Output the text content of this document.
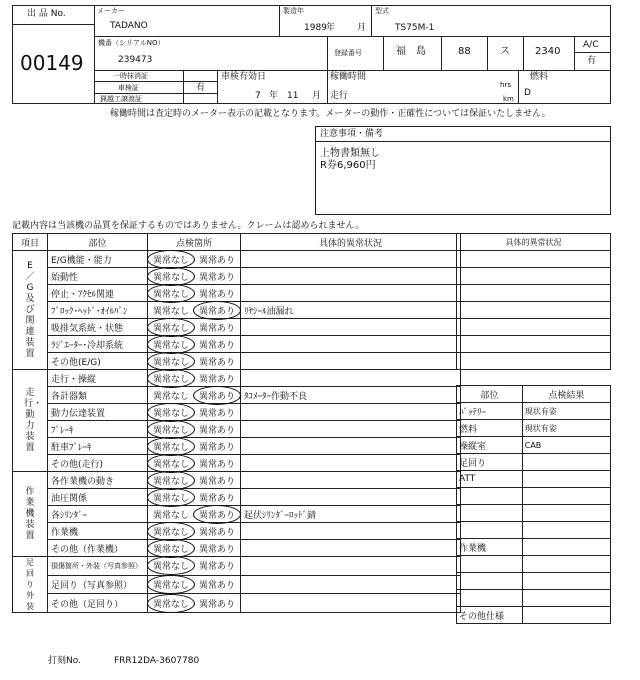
出 品 No.
00149
メーカー
TADANO
製造年
1989 年 月
型式
TS75M-1
機番（シリアルNO）
239473
登録番号	福　島	88	ス	2340
A/C
有
一時抹消証
車検証	有
猟越工譲渡証
車検有効日
7 年 11 月
稼働時間
走行
hrs
km
燃料
D
稼働時間は査定時のメーター表示の記載となります。メーターの動作・正確性については保証いたしません。
注意事項・備考
上物書類無し
R券6,960円
記載内容は当該機の品質を保証するものではありません。クレームは認められません。
項目	部位	点検箇所	具体的異常状況

E／G及び関連装置	E/G機能・能力	異常なし 異常あり	
	始動性	異常なし 異常あり	
	停止・ｱｸｾﾙ関連	異常なし 異常あり	
	ﾌﾞﾛｯｸ･ﾍｯﾄﾞ･ｵｲﾙﾊﾟﾝ	異常なし 異常あり	ﾘﾔｼｰﾙ油漏れ
	吸排気系統・状態	異常なし 異常あり	
	ﾗｼﾞｴｰﾀｰ･冷却系統	異常なし 異常あり	
	その他(E/G)	異常なし 異常あり	

走行・動力装置	走行・操縦	異常なし 異常あり	
	各計器類	異常なし 異常あり	ﾀｺﾒｰﾀｰ作動不良
	動力伝達装置	異常なし 異常あり	
	ﾌﾞﾚｰｷ	異常なし 異常あり	
	駐車ﾌﾞﾚｰｷ	異常なし 異常あり	
	その他(走行)	異常なし 異常あり	

作業機装置	各作業機の動き	異常なし 異常あり	
	油圧関係	異常なし 異常あり	
	各ｼﾘﾝﾀﾞｰ	異常なし 異常あり	起伏ｼﾘﾝﾀﾞｰﾛｯﾄﾞ錆
	作業機	異常なし 異常あり	
	その他（作業機）	異常なし 異常あり	

足回り外装	損傷箇所・外装（写真参照）	異常なし 異常あり	
	足回り（写真参照）	異常なし 異常あり	
	その他（足回り）	異常なし 異常あり	
具体的異常状況

部位	点検結果
ﾊﾞｯﾃﾘｰ	現状有姿
燃料	現状有姿
操縦室	CAB
足回り	
ATT	

作業機	

その他仕様	
打刻No.	FRR12DA-3607780
